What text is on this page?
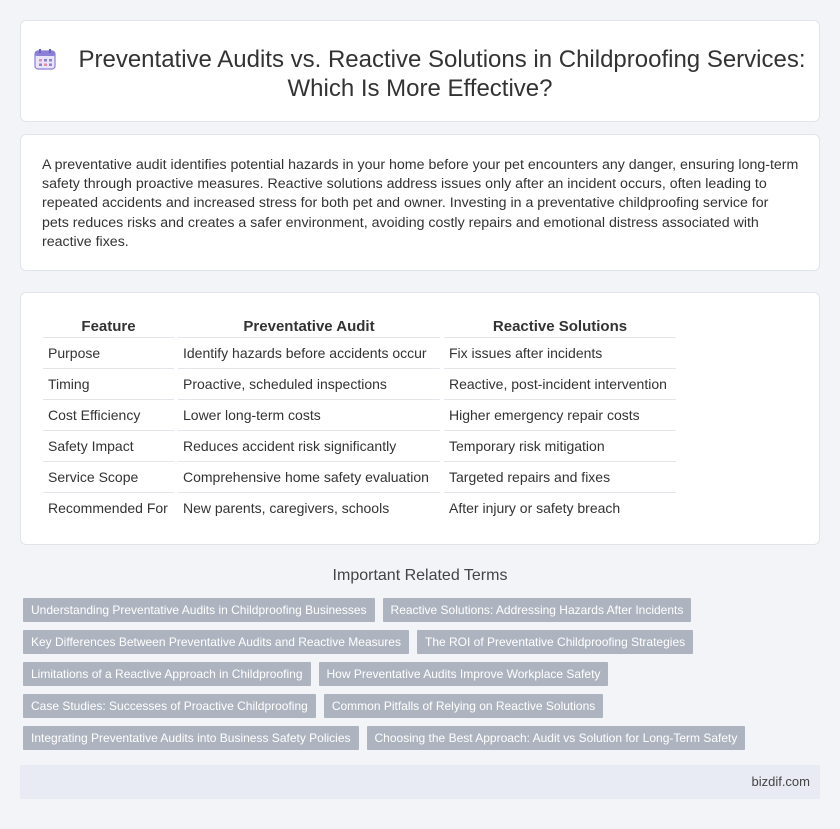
Preventative Audits vs. Reactive Solutions in Childproofing Services: Which Is More Effective?

A preventative audit identifies potential hazards in your home before your pet encounters any danger, ensuring long-term safety through proactive measures. Reactive solutions address issues only after an incident occurs, often leading to repeated accidents and increased stress for both pet and owner. Investing in a preventative childproofing service for pets reduces risks and creates a safer environment, avoiding costly repairs and emotional distress associated with reactive fixes.

Feature	Preventative Audit	Reactive Solutions
Purpose	Identify hazards before accidents occur	Fix issues after incidents
Timing	Proactive, scheduled inspections	Reactive, post-incident intervention
Cost Efficiency	Lower long-term costs	Higher emergency repair costs
Safety Impact	Reduces accident risk significantly	Temporary risk mitigation
Service Scope	Comprehensive home safety evaluation	Targeted repairs and fixes
Recommended For	New parents, caregivers, schools	After injury or safety breach
Important Related Terms
Understanding Preventative Audits in Childproofing Businesses	Reactive Solutions: Addressing Hazards After Incidents
Key Differences Between Preventative Audits and Reactive Measures	The ROI of Preventative Childproofing Strategies
Limitations of a Reactive Approach in Childproofing	How Preventative Audits Improve Workplace Safety
Case Studies: Successes of Proactive Childproofing	Common Pitfalls of Relying on Reactive Solutions
Integrating Preventative Audits into Business Safety Policies	Choosing the Best Approach: Audit vs Solution for Long-Term Safety
bizdif.com
